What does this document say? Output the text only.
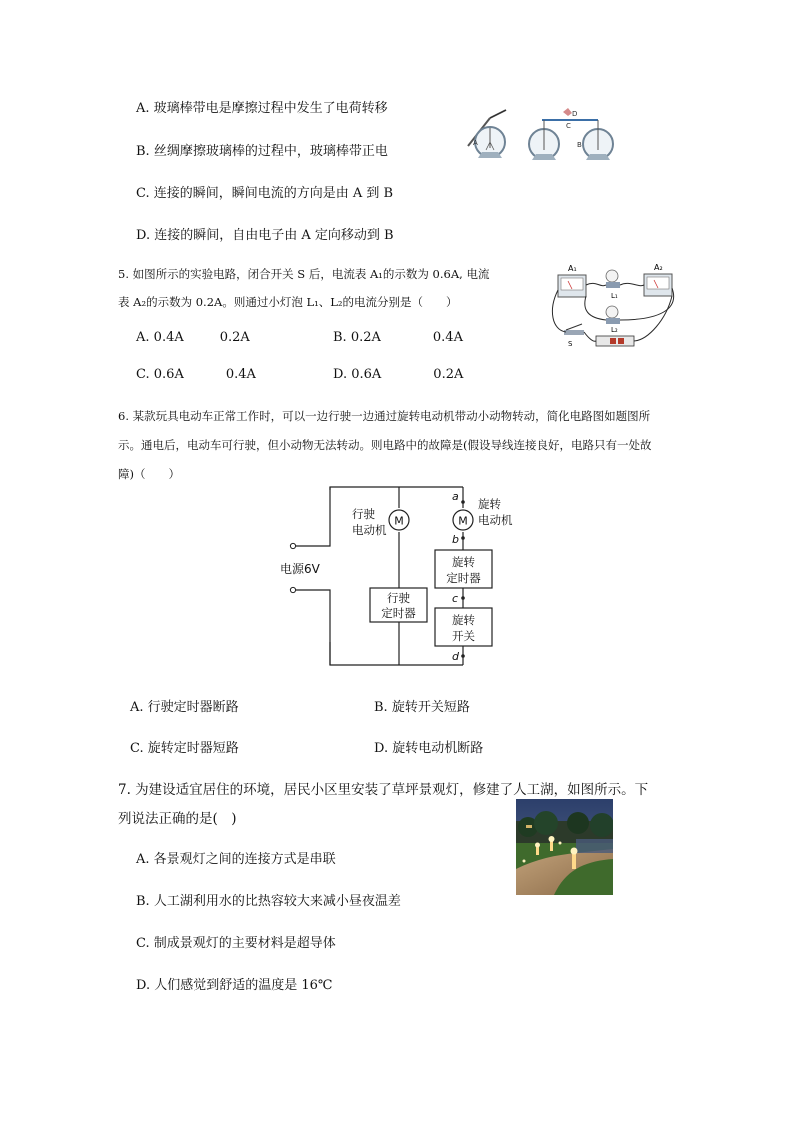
A. 玻璃棒带电是摩擦过程中发生了电荷转移
B. 丝绸摩擦玻璃棒的过程中，玻璃棒带正电
C. 连接的瞬间，瞬间电流的方向是由 A 到 B
D. 连接的瞬间，自由电子由 A 定向移动到 B
A
D
C
B
5. 如图所示的实验电路，闭合开关 S 后，电流表 A₁的示数为 0.6A, 电流
表 A₂的示数为 0.2A。则通过小灯泡 L₁、L₂的电流分别是（　　）
A. 0.4A	0.2A	B. 0.2A	0.4A
C. 0.6A	0.4A	D. 0.6A	0.2A
A₁	A₂
L₁
L₂
S
6. 某款玩具电动车正常工作时，可以一边行驶一边通过旋转电动机带动小动物转动，简化电路图如题图所
示。通电后，电动车可行驶，但小动物无法转动。则电路中的故障是(假设导线连接良好，电路只有一处故
障)（　　）
电源6V
M
行驶
电动机
行驶
定时器
M
旋转
电动机
旋转
定时器
旋转
开关
a
b
c
d
A. 行驶定时器断路	B. 旋转开关短路
C. 旋转定时器短路	D. 旋转电动机断路
7. 为建设适宜居住的环境，居民小区里安装了草坪景观灯，修建了人工湖，如图所示。下
列说法正确的是(　)
A. 各景观灯之间的连接方式是串联
B. 人工湖利用水的比热容较大来减小昼夜温差
C. 制成景观灯的主要材料是超导体
D. 人们感觉到舒适的温度是 16℃
